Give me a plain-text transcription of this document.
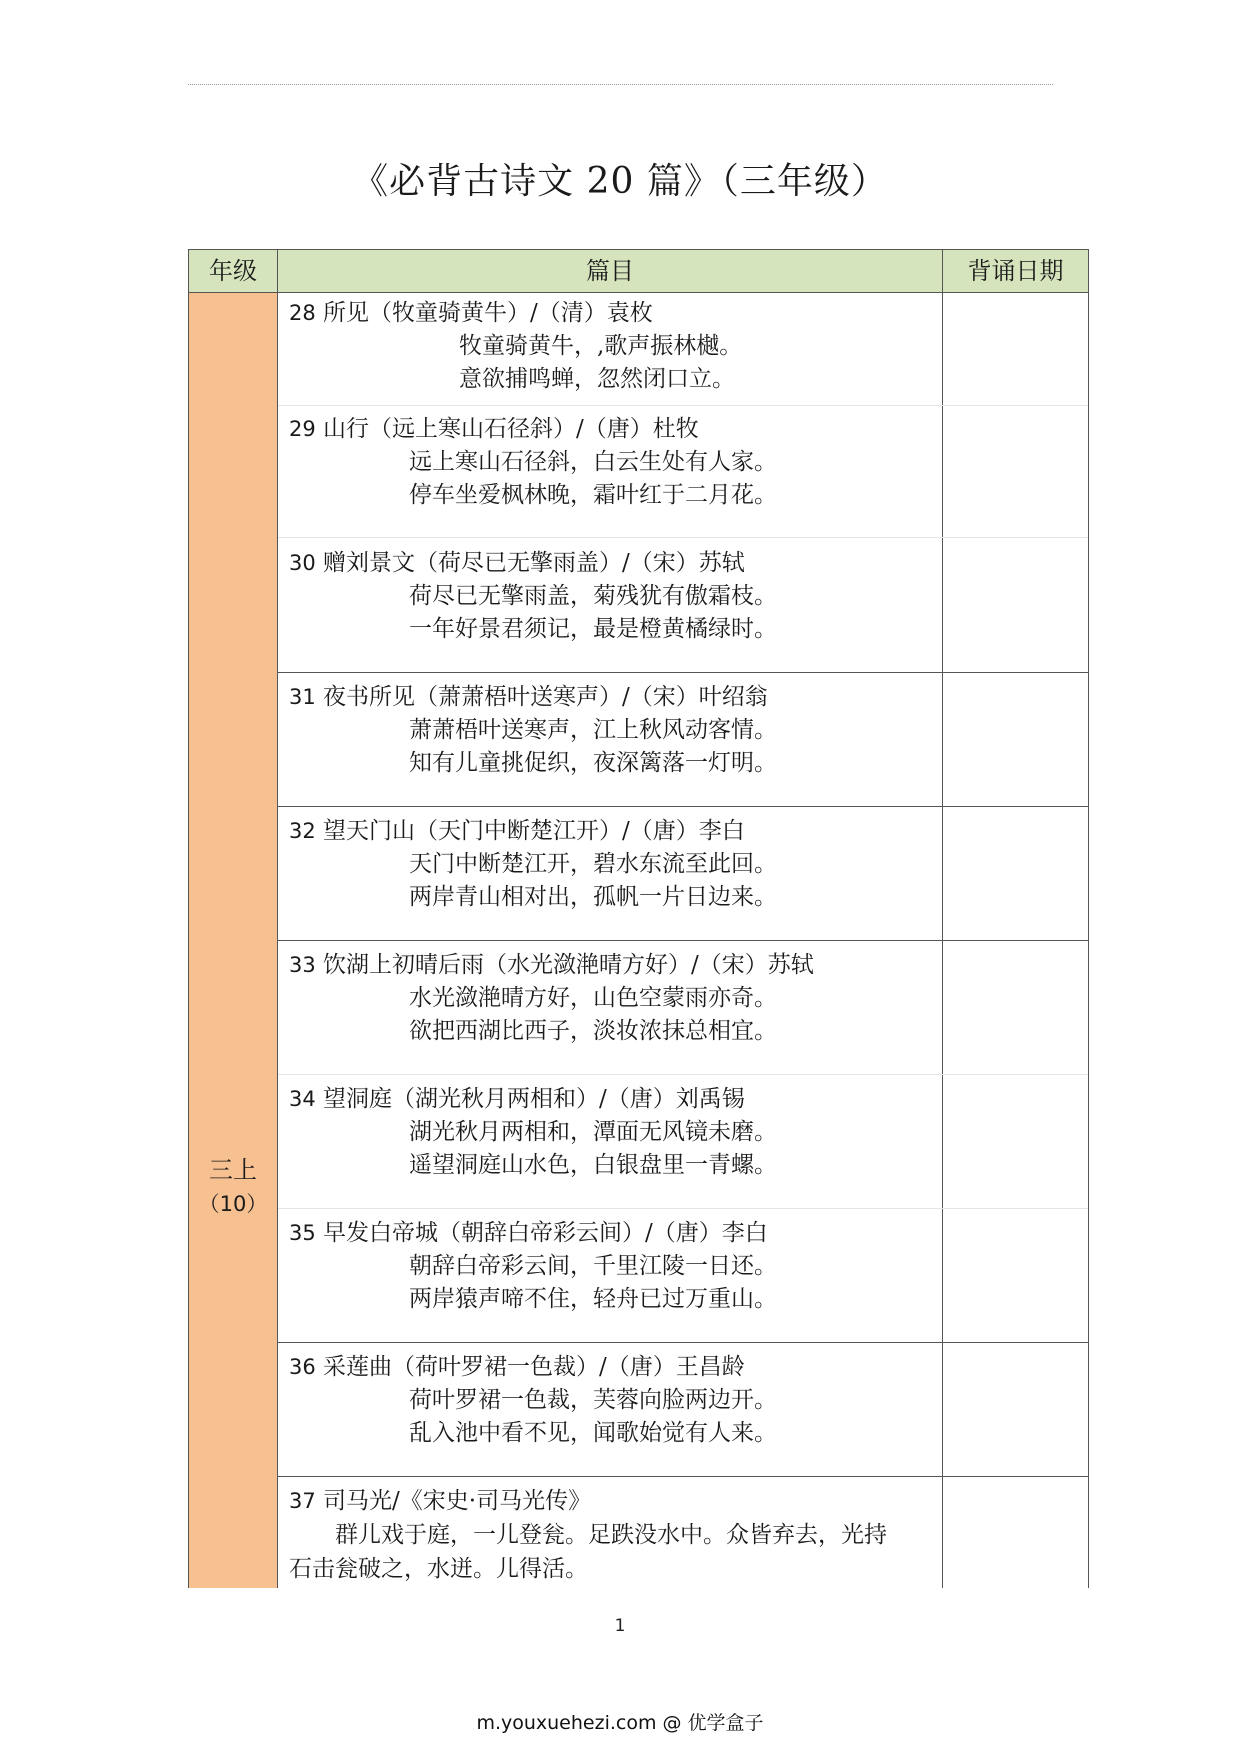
《必背古诗文 20 篇》（三年级）
年级	篇目	背诵日期
三上
（10）
28 所见（牧童骑黄牛）/（清）袁枚
牧童骑黄牛，,歌声振林樾。
意欲捕鸣蝉，忽然闭口立。
29 山行（远上寒山石径斜）/（唐）杜牧
远上寒山石径斜，白云生处有人家。
停车坐爱枫林晚，霜叶红于二月花。
30 赠刘景文（荷尽已无擎雨盖）/（宋）苏轼
荷尽已无擎雨盖，菊残犹有傲霜枝。
一年好景君须记，最是橙黄橘绿时。
31 夜书所见（萧萧梧叶送寒声）/（宋）叶绍翁
萧萧梧叶送寒声，江上秋风动客情。
知有儿童挑促织，夜深篱落一灯明。
32 望天门山（天门中断楚江开）/（唐）李白
天门中断楚江开，碧水东流至此回。
两岸青山相对出，孤帆一片日边来。
33 饮湖上初晴后雨（水光潋滟晴方好）/（宋）苏轼
水光潋滟晴方好，山色空蒙雨亦奇。
欲把西湖比西子，淡妆浓抹总相宜。
34 望洞庭（湖光秋月两相和）/（唐）刘禹锡
湖光秋月两相和，潭面无风镜未磨。
遥望洞庭山水色，白银盘里一青螺。
35 早发白帝城（朝辞白帝彩云间）/（唐）李白
朝辞白帝彩云间，千里江陵一日还。
两岸猿声啼不住，轻舟已过万重山。
36 采莲曲（荷叶罗裙一色裁）/（唐）王昌龄
荷叶罗裙一色裁，芙蓉向脸两边开。
乱入池中看不见，闻歌始觉有人来。
37 司马光/《宋史·司马光传》
群儿戏于庭，一儿登瓮。足跌没水中。众皆弃去，光持
石击瓮破之，水迸。儿得活。
1
m.youxuehezi.com @ 优学盒子
